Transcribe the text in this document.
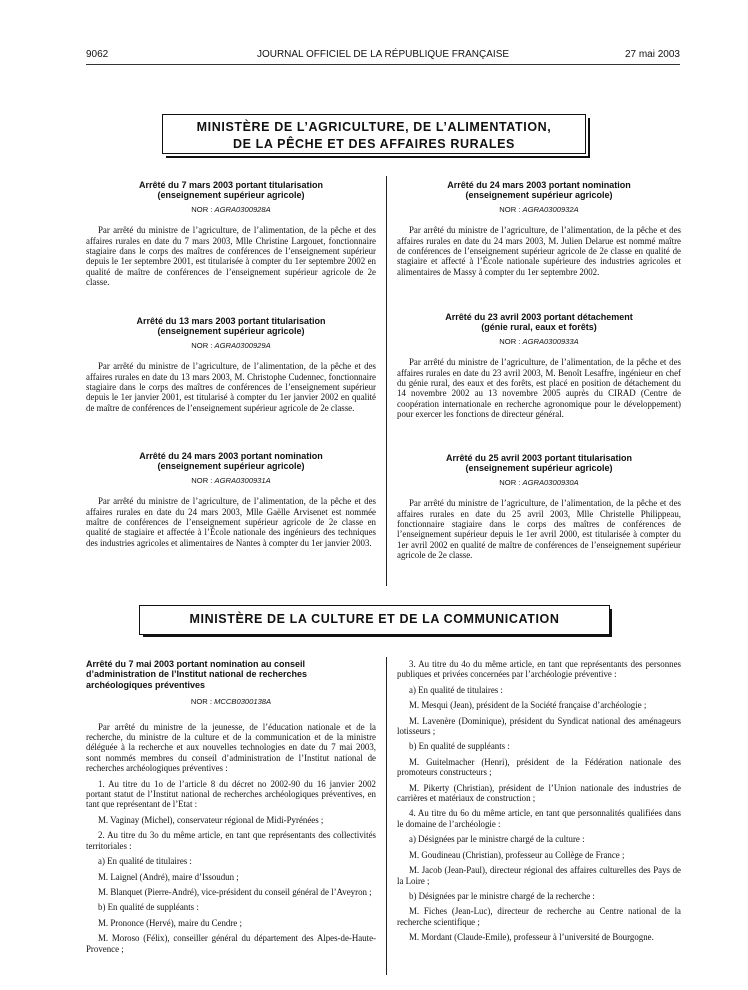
9062	JOURNAL OFFICIEL DE LA RÉPUBLIQUE FRANÇAISE	27 mai 2003
MINISTÈRE DE L’AGRICULTURE, DE L’ALIMENTATION,
DE LA PÊCHE ET DES AFFAIRES RURALES
Arrêté du 7 mars 2003 portant titularisation
(enseignement supérieur agricole)
NOR : AGRA0300928A

Par arrêté du ministre de l’agriculture, de l’alimentation, de la pêche et des affaires rurales en date du 7 mars 2003, Mlle Christine Largouet, fonctionnaire stagiaire dans le corps des maîtres de conférences de l’enseignement supérieur depuis le 1er septembre 2001, est titularisée à compter du 1er septembre 2002 en qualité de maître de conférences de l’enseignement supérieur agricole de 2e classe.

Arrêté du 13 mars 2003 portant titularisation
(enseignement supérieur agricole)
NOR : AGRA0300929A

Par arrêté du ministre de l’agriculture, de l’alimentation, de la pêche et des affaires rurales en date du 13 mars 2003, M. Christophe Cudennec, fonctionnaire stagiaire dans le corps des maîtres de conférences de l’enseignement supérieur depuis le 1er janvier 2001, est titularisé à compter du 1er janvier 2002 en qualité de maître de conférences de l’enseignement supérieur agricole de 2e classe.

Arrêté du 24 mars 2003 portant nomination
(enseignement supérieur agricole)
NOR : AGRA0300931A

Par arrêté du ministre de l’agriculture, de l’alimentation, de la pêche et des affaires rurales en date du 24 mars 2003, Mlle Gaëlle Arvisenet est nommée maître de conférences de l’enseignement supérieur agricole de 2e classe en qualité de stagiaire et affectée à l’École nationale des ingénieurs des techniques des industries agricoles et alimentaires de Nantes à compter du 1er janvier 2003.

Arrêté du 24 mars 2003 portant nomination
(enseignement supérieur agricole)
NOR : AGRA0300932A

Par arrêté du ministre de l’agriculture, de l’alimentation, de la pêche et des affaires rurales en date du 24 mars 2003, M. Julien Delarue est nommé maître de conférences de l’enseignement supérieur agricole de 2e classe en qualité de stagiaire et affecté à l’École nationale supérieure des industries agricoles et alimentaires de Massy à compter du 1er septembre 2002.

Arrêté du 23 avril 2003 portant détachement
(génie rural, eaux et forêts)
NOR : AGRA0300933A

Par arrêté du ministre de l’agriculture, de l’alimentation, de la pêche et des affaires rurales en date du 23 avril 2003, M. Benoît Lesaffre, ingénieur en chef du génie rural, des eaux et des forêts, est placé en position de détachement du 14 novembre 2002 au 13 novembre 2005 auprès du CIRAD (Centre de coopération internationale en recherche agronomique pour le développement) pour exercer les fonctions de directeur général.

Arrêté du 25 avril 2003 portant titularisation
(enseignement supérieur agricole)
NOR : AGRA0300930A

Par arrêté du ministre de l’agriculture, de l’alimentation, de la pêche et des affaires rurales en date du 25 avril 2003, Mlle Christelle Philippeau, fonctionnaire stagiaire dans le corps des maîtres de conférences de l’enseignement supérieur depuis le 1er avril 2000, est titularisée à compter du 1er avril 2002 en qualité de maître de conférences de l’enseignement supérieur agricole de 2e classe.

MINISTÈRE DE LA CULTURE ET DE LA COMMUNICATION
Arrêté du 7 mai 2003 portant nomination au conseil d’administration de l’Institut national de recherches archéologiques préventives
NOR : MCCB0300138A

Par arrêté du ministre de la jeunesse, de l’éducation nationale et de la recherche, du ministre de la culture et de la communication et de la ministre déléguée à la recherche et aux nouvelles technologies en date du 7 mai 2003, sont nommés membres du conseil d’administration de l’Institut national de recherches archéologiques préventives :

1. Au titre du 1o de l’article 8 du décret no 2002-90 du 16 janvier 2002 portant statut de l’Institut national de recherches archéologiques préventives, en tant que représentant de l’Etat :

M. Vaginay (Michel), conservateur régional de Midi-Pyrénées ;

2. Au titre du 3o du même article, en tant que représentants des collectivités territoriales :

a) En qualité de titulaires :

M. Laignel (André), maire d’Issoudun ;

M. Blanquet (Pierre-André), vice-président du conseil général de l’Aveyron ;

b) En qualité de suppléants :

M. Prononce (Hervé), maire du Cendre ;

M. Moroso (Félix), conseiller général du département des Alpes-de-Haute-Provence ;

3. Au titre du 4o du même article, en tant que représentants des personnes publiques et privées concernées par l’archéologie préventive :

a) En qualité de titulaires :

M. Mesqui (Jean), président de la Société française d’archéologie ;

M. Lavenère (Dominique), président du Syndicat national des aménageurs lotisseurs ;

b) En qualité de suppléants :

M. Guitelmacher (Henri), président de la Fédération nationale des promoteurs constructeurs ;

M. Pikerty (Christian), président de l’Union nationale des industries de carrières et matériaux de construction ;

4. Au titre du 6o du même article, en tant que personnalités qualifiées dans le domaine de l’archéologie :

a) Désignées par le ministre chargé de la culture :

M. Goudineau (Christian), professeur au Collège de France ;

M. Jacob (Jean-Paul), directeur régional des affaires culturelles des Pays de la Loire ;

b) Désignées par le ministre chargé de la recherche :

M. Fiches (Jean-Luc), directeur de recherche au Centre national de la recherche scientifique ;

M. Mordant (Claude-Emile), professeur à l’université de Bourgogne.
